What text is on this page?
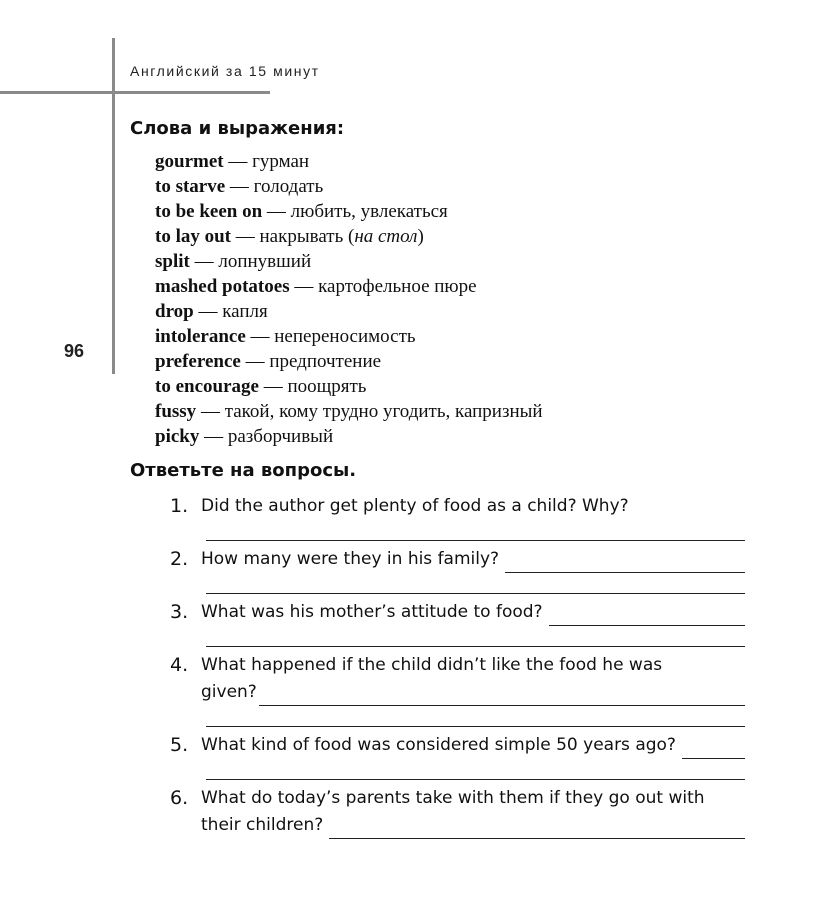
Английский за 15 минут
96
Слова и выражения:
gourmet — гурман
to starve — голодать
to be keen on — любить, увлекаться
to lay out — накрывать (на стол)
split — лопнувший
mashed potatoes — картофельное пюре
drop — капля
intolerance — непереносимость
preference — предпочтение
to encourage — поощрять
fussy — такой, кому трудно угодить, капризный
picky — разборчивый
Ответьте на вопросы.
1. Did the author get plenty of food as a child? Why?
2. How many were they in his family?
3. What was his mother’s attitude to food?
4. What happened if the child didn’t like the food he was
given?
5. What kind of food was considered simple 50 years ago?
6. What do today’s parents take with them if they go out with
their children?
